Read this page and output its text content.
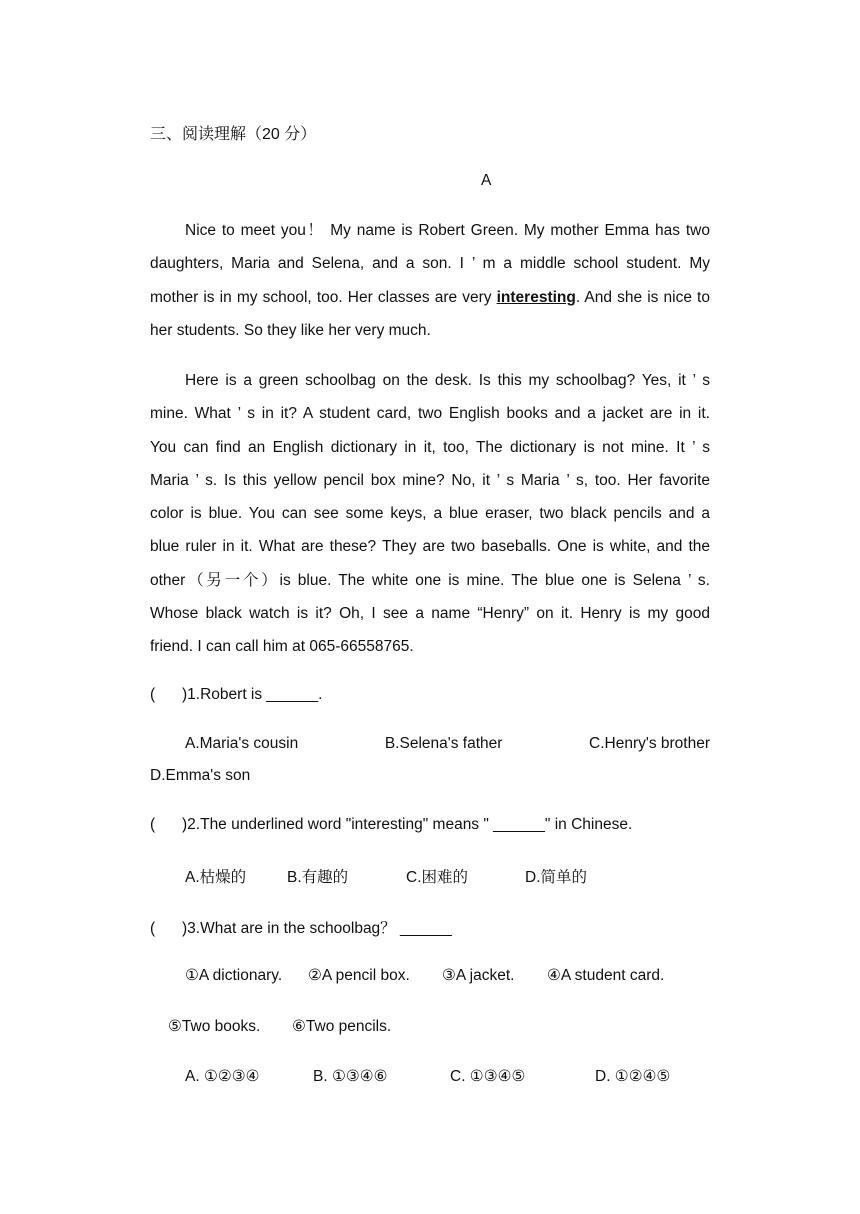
三、阅读理解（20 分）
A
Nice to meet you！ My name is Robert Green. My mother Emma has two
daughters, Maria and Selena, and a son. I ’ m a middle school student. My
mother is in my school, too. Her classes are very interesting. And she is nice to
her students. So they like her very much.
Here is a green schoolbag on the desk. Is this my schoolbag? Yes, it ’ s
mine. What ’ s in it? A student card, two English books and a jacket are in it.
You can find an English dictionary in it, too, The dictionary is not mine. It ’ s
Maria ’ s. Is this yellow pencil box mine? No, it ’ s Maria ’ s, too. Her favorite
color is blue. You can see some keys, a blue eraser, two black pencils and a
blue ruler in it. What are these? They are two baseballs. One is white, and the
other（另一个）is blue. The white one is mine. The blue one is Selena ’ s.
Whose black watch is it? Oh, I see a name “Henry” on it. Henry is my good
friend. I can call him at 065-66558765.
( )1.Robert is ______.
A.Maria's cousin	B.Selena's father	C.Henry's brother
D.Emma's son
( )2.The underlined word "interesting" means " ______" in Chinese.
A.枯燥的	B.有趣的	C.困难的	D.简单的
( )3.What are in the schoolbag？ ______
①A dictionary. ②A pencil box. ③A jacket. ④A student card.
⑤Two books. ⑥Two pencils.
A. ①②③④	B. ①③④⑥	C. ①③④⑤	D. ①②④⑤
